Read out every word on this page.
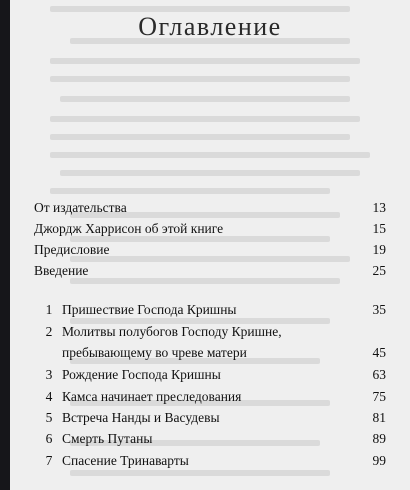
Оглавление
От издательства	13
Джордж Харрисон об этой книге	15
Предисловие	19
Введение	25
1 Пришествие Господа Кришны	35
2 Молитвы полубогов Господу Кришне,
пребывающему во чреве матери	45
3 Рождение Господа Кришны	63
4 Камса начинает преследования	75
5 Встреча Нанды и Васудевы	81
6 Смерть Путаны	89
7 Спасение Тринаварты	99
